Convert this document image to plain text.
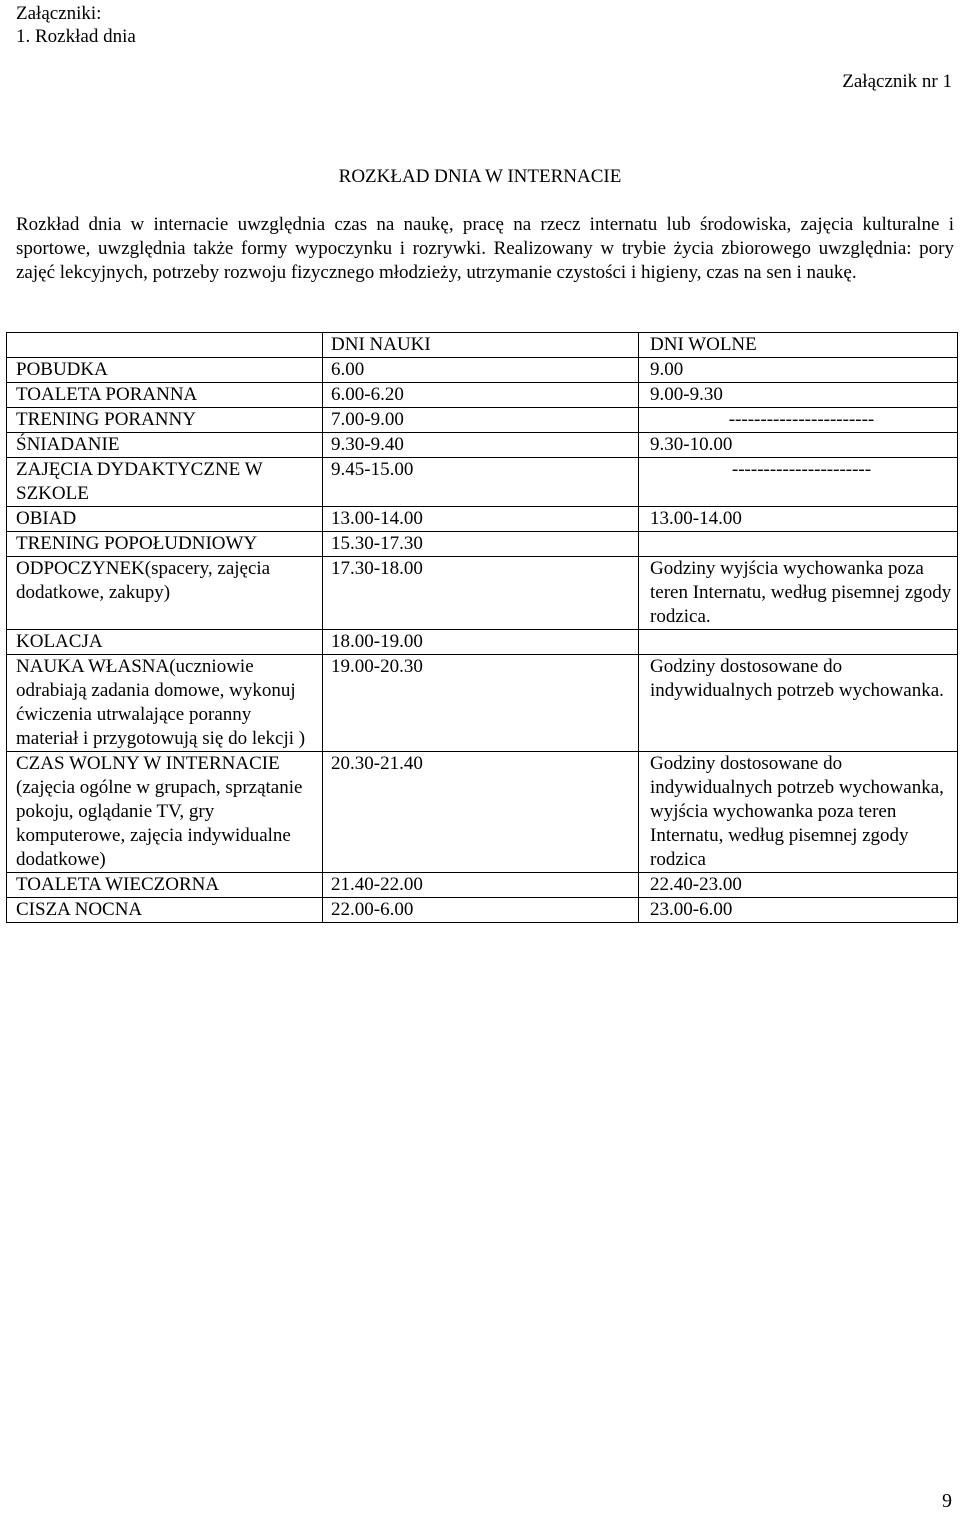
Załączniki:
1. Rozkład dnia
Załącznik nr 1
ROZKŁAD DNIA W INTERNACIE

Rozkład dnia w internacie uwzględnia czas na naukę, pracę na rzecz internatu lub środowiska, zajęcia kulturalne i sportowe, uwzględnia także formy wypoczynku i rozrywki. Realizowany w trybie życia zbiorowego uwzględnia: pory zajęć lekcyjnych, potrzeby rozwoju fizycznego młodzieży, utrzymanie czystości i higieny, czas na sen i naukę.

	DNI NAUKI	DNI WOLNE
POBUDKA	6.00	9.00
TOALETA PORANNA	6.00-6.20	9.00-9.30
TRENING PORANNY	7.00-9.00	-----------------------
ŚNIADANIE	9.30-9.40	9.30-10.00
ZAJĘCIA DYDAKTYCZNE W SZKOLE	9.45-15.00	----------------------
OBIAD	13.00-14.00	13.00-14.00
TRENING POPOŁUDNIOWY	15.30-17.30	
ODPOCZYNEK(spacery, zajęcia dodatkowe, zakupy)	17.30-18.00	Godziny wyjścia wychowanka poza teren Internatu, według pisemnej zgody rodzica.
KOLACJA	18.00-19.00	
NAUKA WŁASNA(uczniowie odrabiają zadania domowe, wykonuj ćwiczenia utrwalające poranny materiał i przygotowują się do lekcji )	19.00-20.30	Godziny dostosowane do indywidualnych potrzeb wychowanka.
CZAS WOLNY W INTERNACIE (zajęcia ogólne w grupach, sprzątanie pokoju, oglądanie TV, gry komputerowe, zajęcia indywidualne dodatkowe)	20.30-21.40	Godziny dostosowane do indywidualnych potrzeb wychowanka, wyjścia wychowanka poza teren Internatu, według pisemnej zgody rodzica
TOALETA WIECZORNA	21.40-22.00	22.40-23.00
CISZA NOCNA	22.00-6.00	23.00-6.00
9
